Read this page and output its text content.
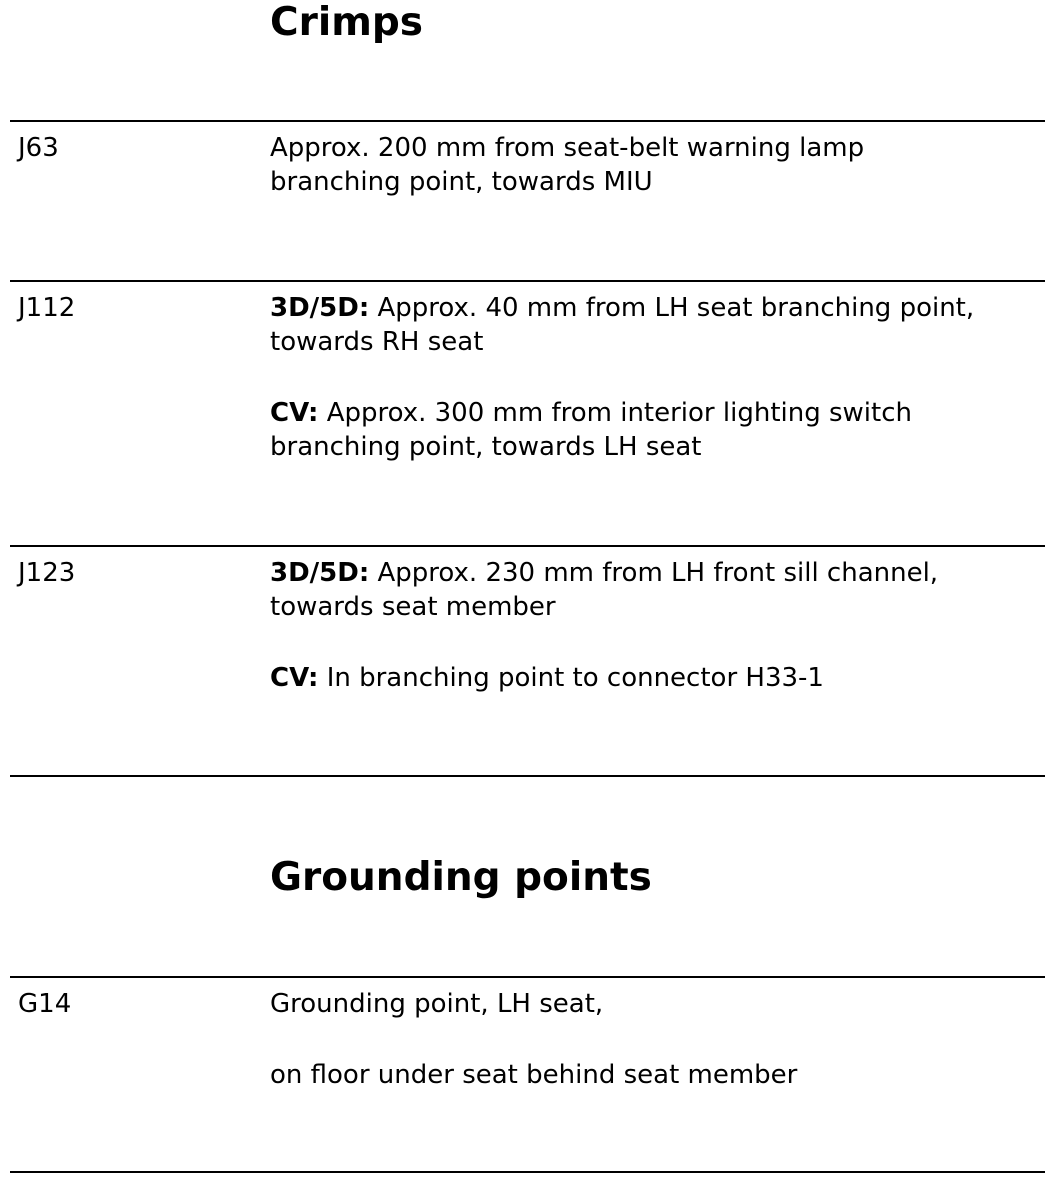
Crimps
J63	Approx. 200 mm from seat-belt warning lamp
branching point, towards MIU
J112	3D/5D: Approx. 40 mm from LH seat branching point,
towards RH seat
CV: Approx. 300 mm from interior lighting switch
branching point, towards LH seat
J123	3D/5D: Approx. 230 mm from LH front sill channel,
towards seat member
CV: In branching point to connector H33-1
Grounding points
G14	Grounding point, LH seat,
on floor under seat behind seat member
